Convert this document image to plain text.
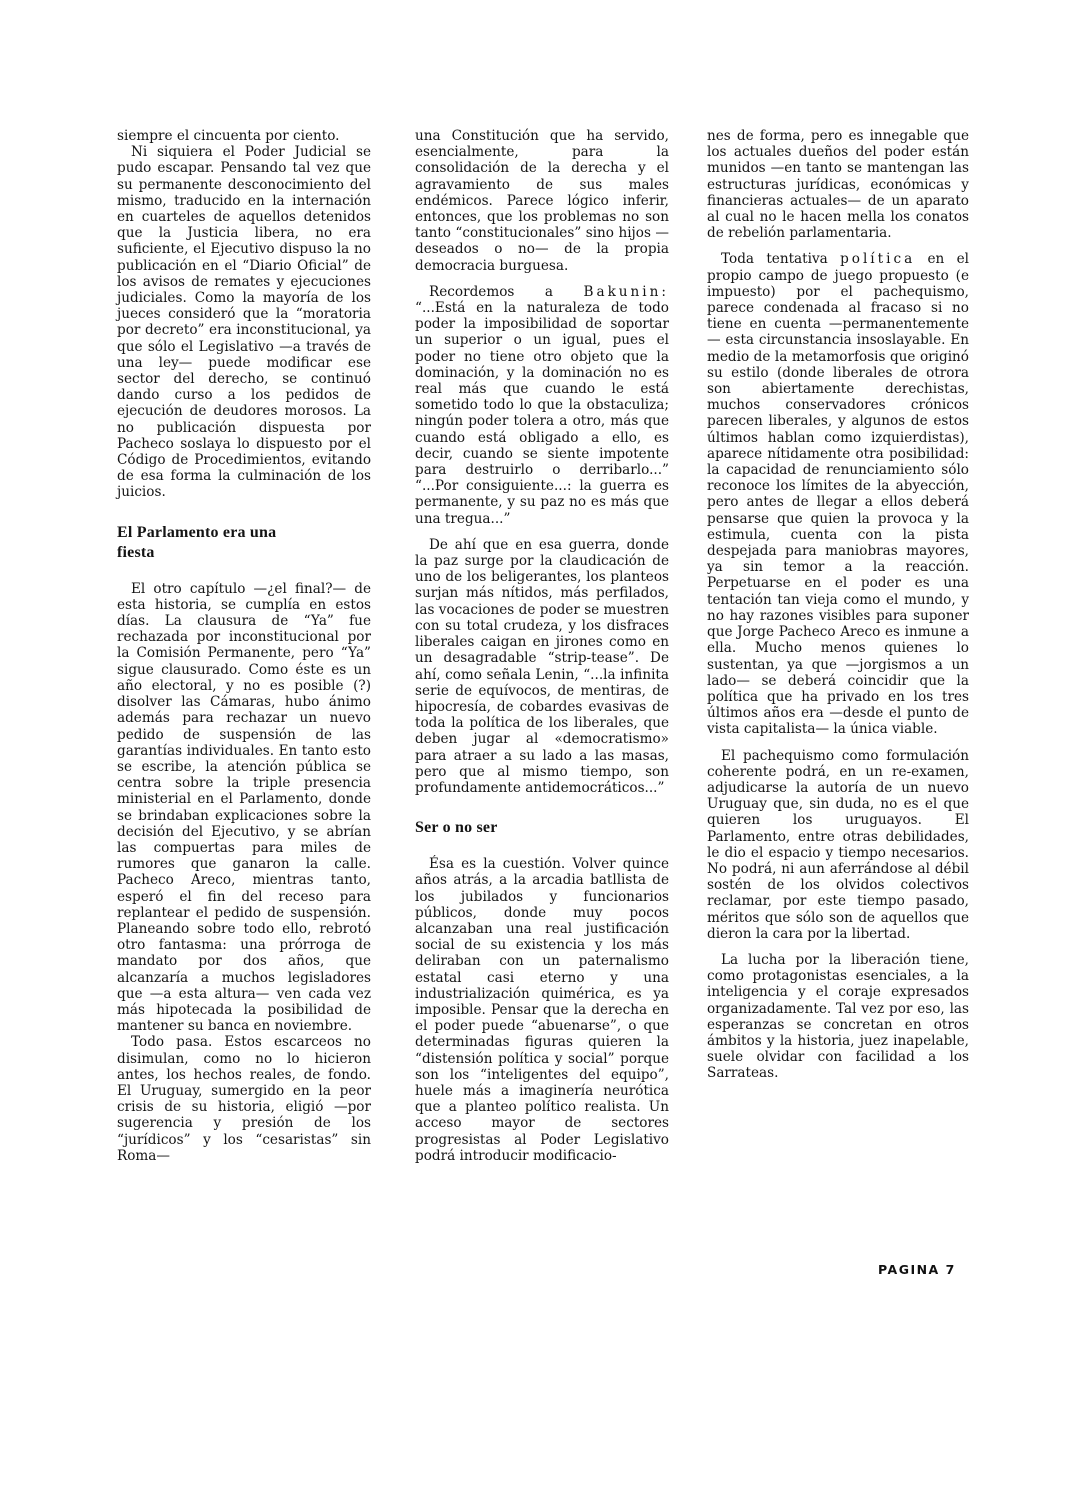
siempre el cincuenta por ciento.

Ni siquiera el Poder Judicial se pudo escapar. Pensando tal vez que su permanente desconocimiento del mismo, traducido en la internación en cuarteles de aquellos detenidos que la Justicia libera, no era suficiente, el Ejecutivo dispuso la no publicación en el “Diario Oficial” de los avisos de remates y ejecuciones judiciales. Como la mayoría de los jueces consideró que la “moratoria por decreto” era inconstitucional, ya que sólo el Legislativo —a través de una ley— puede modificar ese sector del derecho, se continuó dando curso a los pedidos de ejecución de deudores morosos. La no publicación dispuesta por Pacheco soslaya lo dispuesto por el Código de Procedimientos, evitando de esa forma la culminación de los juicios.

El Parlamento era una fiesta

El otro capítulo —¿el final?— de esta historia, se cumplía en estos días. La clausura de “Ya” fue rechazada por inconstitucional por la Comisión Permanente, pero “Ya” sigue clausurado. Como éste es un año electoral, y no es posible (?) disolver las Cámaras, hubo ánimo además para rechazar un nuevo pedido de suspensión de las garantías individuales. En tanto esto se escribe, la atención pública se centra sobre la triple presencia ministerial en el Parlamento, donde se brindaban explicaciones sobre la decisión del Ejecutivo, y se abrían las compuertas para miles de rumores que ganaron la calle. Pacheco Areco, mientras tanto, esperó el fin del receso para replantear el pedido de suspensión. Planeando sobre todo ello, rebrotó otro fantasma: una prórroga de mandato por dos años, que alcanzaría a muchos legisladores que —a esta altura— ven cada vez más hipotecada la posibilidad de mantener su banca en noviembre.

Todo pasa. Estos escarceos no disimulan, como no lo hicieron antes, los hechos reales, de fondo. El Uruguay, sumergido en la peor crisis de su historia, eligió —por sugerencia y presión de los “jurídicos” y los “cesaristas” sin Roma—

una Constitución que ha servido, esencialmente, para la consolidación de la derecha y el agravamiento de sus males endémicos. Parece lógico inferir, entonces, que los problemas no son tanto “constitucionales” sino hijos —deseados o no— de la propia democracia burguesa.

Recordemos a Bakunin: “...Está en la naturaleza de todo poder la imposibilidad de soportar un superior o un igual, pues el poder no tiene otro objeto que la dominación, y la dominación no es real más que cuando le está sometido todo lo que la obstaculiza; ningún poder tolera a otro, más que cuando está obligado a ello, es decir, cuando se siente impotente para destruirlo o derribarlo...” “...Por consiguiente...: la guerra es permanente, y su paz no es más que una tregua...”

De ahí que en esa guerra, donde la paz surge por la claudicación de uno de los beligerantes, los planteos surjan más nítidos, más perfilados, las vocaciones de poder se muestren con su total crudeza, y los disfraces liberales caigan en jirones como en un desagradable “strip-tease”. De ahí, como señala Lenin, “...la infinita serie de equívocos, de mentiras, de hipocresía, de cobardes evasivas de toda la política de los liberales, que deben jugar al «democratismo» para atraer a su lado a las masas, pero que al mismo tiempo, son profundamente antidemocráticos...”

Ser o no ser

Ésa es la cuestión. Volver quince años atrás, a la arcadia batllista de los jubilados y funcionarios públicos, donde muy pocos alcanzaban una real justificación social de su existencia y los más deliraban con un paternalismo estatal casi eterno y una industrialización quimérica, es ya imposible. Pensar que la derecha en el poder puede “abuenarse”, o que determinadas figuras quieren la “distensión política y social” porque son los “inteligentes del equipo”, huele más a imaginería neurótica que a planteo político realista. Un acceso mayor de sectores progresistas al Poder Legislativo podrá introducir modificacio-

nes de forma, pero es innegable que los actuales dueños del poder están munidos —en tanto se mantengan las estructuras jurídicas, económicas y financieras actuales— de un aparato al cual no le hacen mella los conatos de rebelión parlamentaria.

Toda tentativa política en el propio campo de juego propuesto (e impuesto) por el pachequismo, parece condenada al fracaso si no tiene en cuenta —permanentemente— esta circunstancia insoslayable. En medio de la metamorfosis que originó su estilo (donde liberales de otrora son abiertamente derechistas, muchos conservadores crónicos parecen liberales, y algunos de estos últimos hablan como izquierdistas), aparece nítidamente otra posibilidad: la capacidad de renunciamiento sólo reconoce los límites de la abyección, pero antes de llegar a ellos deberá pensarse que quien la provoca y la estimula, cuenta con la pista despejada para maniobras mayores, ya sin temor a la reacción. Perpetuarse en el poder es una tentación tan vieja como el mundo, y no hay razones visibles para suponer que Jorge Pacheco Areco es inmune a ella. Mucho menos quienes lo sustentan, ya que —jorgismos a un lado— se deberá coincidir que la política que ha privado en los tres últimos años era —desde el punto de vista capitalista— la única viable.

El pachequismo como formulación coherente podrá, en un re-examen, adjudicarse la autoría de un nuevo Uruguay que, sin duda, no es el que quieren los uruguayos. El Parlamento, entre otras debilidades, le dio el espacio y tiempo necesarios. No podrá, ni aun aferrándose al débil sostén de los olvidos colectivos reclamar, por este tiempo pasado, méritos que sólo son de aquellos que dieron la cara por la libertad.

La lucha por la liberación tiene, como protagonistas esenciales, a la inteligencia y el coraje expresados organizadamente. Tal vez por eso, las esperanzas se concretan en otros ámbitos y la historia, juez inapelable, suele olvidar con facilidad a los Sarrateas.

PAGINA 7
